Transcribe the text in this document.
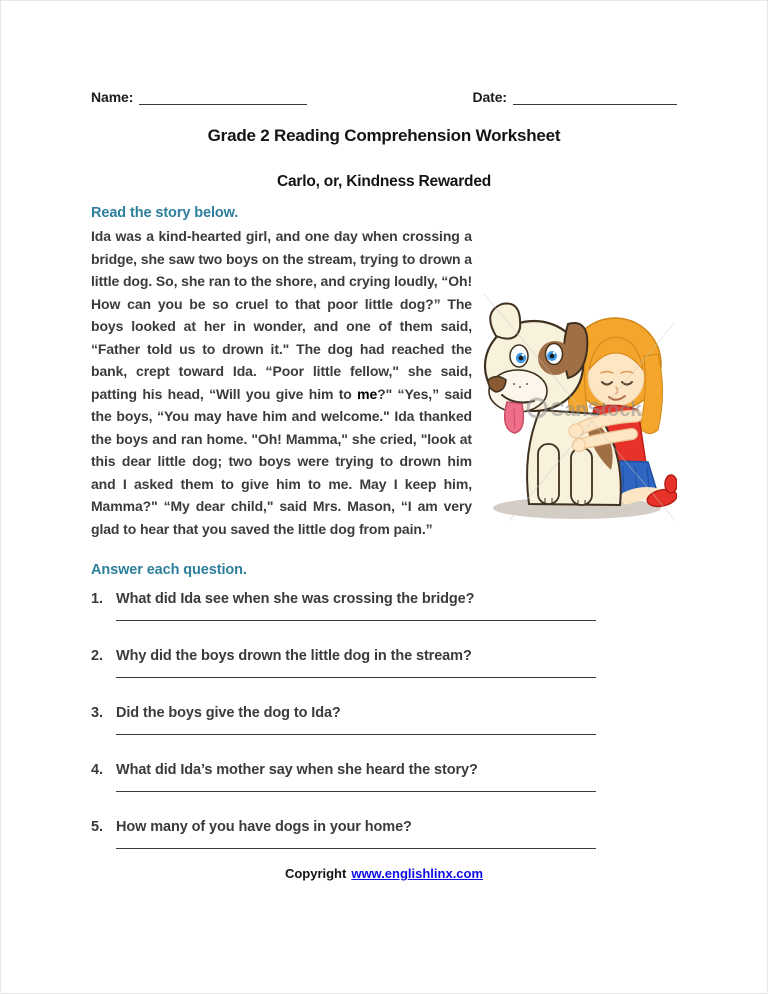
Name:	Date:
Grade 2 Reading Comprehension Worksheet
Carlo, or, Kindness Rewarded
Read the story below.
CanStock
Ida was a kind-hearted girl, and one day when crossing a bridge, she saw two boys on the stream, trying to drown a little dog. So, she ran to the shore, and crying loudly, “Oh! How can you be so cruel to that poor little dog?” The boys looked at her in wonder, and one of them said, “Father told us to drown it." The dog had reached the bank, crept toward Ida. “Poor little fellow," she said, patting his head, “Will you give him to me?" “Yes,” said the boys, “You may have him and welcome." Ida thanked the boys and ran home. "Oh! Mamma," she cried, "look at this dear little dog; two boys were trying to drown him and I asked them to give him to me. May I keep him, Mamma?" “My dear child," said Mrs. Mason, “I am very glad to hear that you saved the little dog from pain.”
Answer each question.
1. What did Ida see when she was crossing the bridge?
2. Why did the boys drown the little dog in the stream?
3. Did the boys give the dog to Ida?
4. What did Ida’s mother say when she heard the story?
5. How many of you have dogs in your home?
Copyright www.englishlinx.com
